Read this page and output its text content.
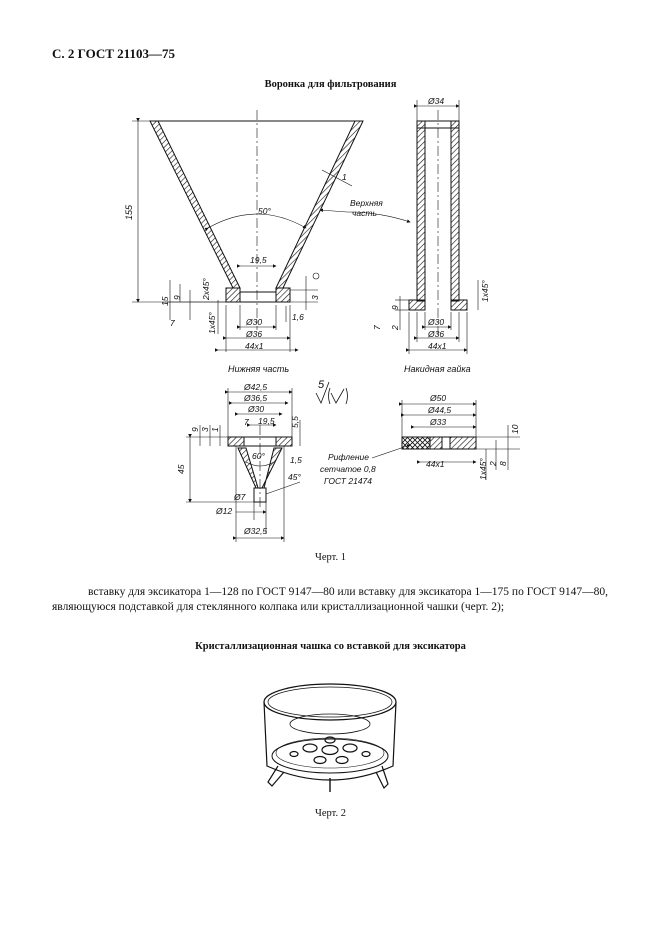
С. 2 ГОСТ 21103—75
Воронка для фильтрования
155	50°
19,5
1
Верхняя
часть
2x45°
15 9
7	1x45°	Ø30
Ø36
44x1
3
1,6
Нижняя часть
Ø34
9
7 2
1x45°
Ø30
Ø36
44x1
Накидная гайка
5
Ø42,5
Ø36,5
Ø30
7 19,5 5,5
9 3 1
60°	1,5
45°
45
Ø7
Ø12
Ø32,5
Ø50
Ø44,5
Ø33
44x1
10
8
2
1x45°
Рифление
сетчатое 0,8
ГОСТ 21474
Черт. 1

вставку для эксикатора 1—128 по ГОСТ 9147—80 или вставку для эксикатора 1—175 по ГОСТ 9147—80, являющуюся подставкой для стеклянного колпака или кристаллизационной чашки (черт. 2);

Кристаллизационная чашка со вставкой для эксикатора
Черт. 2
